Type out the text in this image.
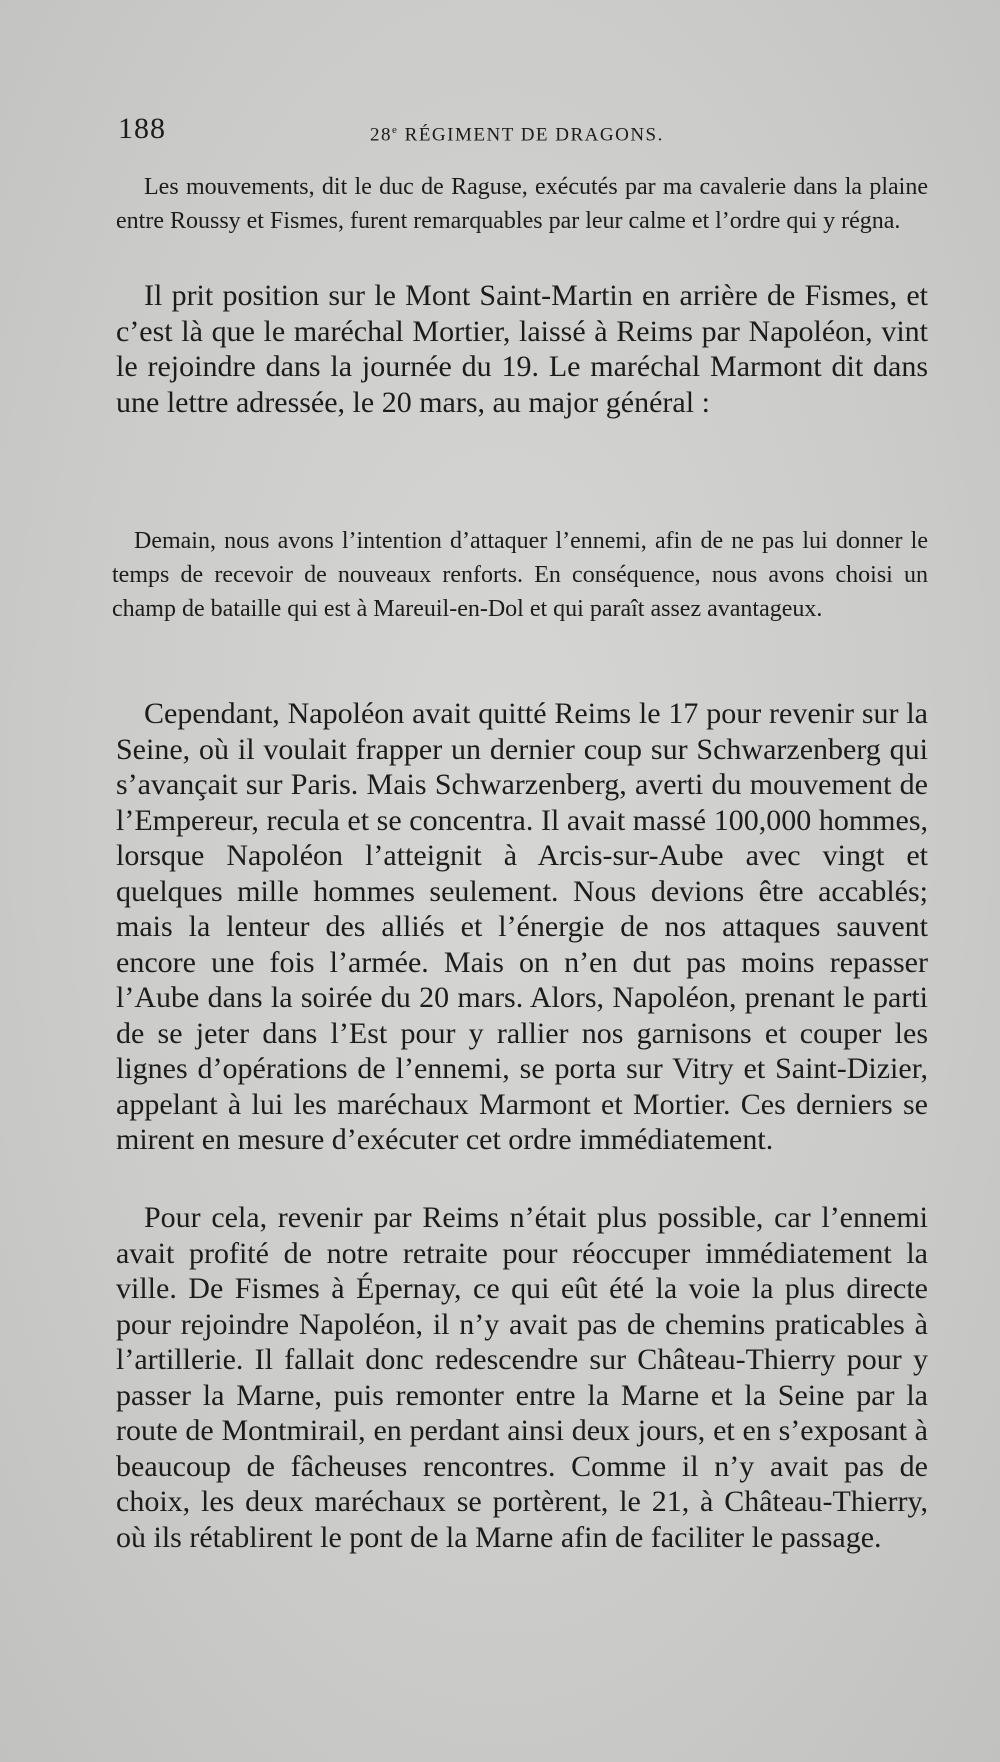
188	28e RÉGIMENT DE DRAGONS.

Les mouvements, dit le duc de Raguse, exécutés par ma cavalerie dans la plaine entre Roussy et Fismes, furent remarquables par leur calme et l’ordre qui y régna.

Il prit position sur le Mont Saint-Martin en arrière de Fismes, et c’est là que le maréchal Mortier, laissé à Reims par Napoléon, vint le rejoindre dans la journée du 19. Le maréchal Marmont dit dans une lettre adressée, le 20 mars, au major général :

Demain, nous avons l’intention d’attaquer l’ennemi, afin de ne pas lui donner le temps de recevoir de nouveaux renforts. En conséquence, nous avons choisi un champ de bataille qui est à Mareuil-en-Dol et qui paraît assez avantageux.

Cependant, Napoléon avait quitté Reims le 17 pour revenir sur la Seine, où il voulait frapper un dernier coup sur Schwarzenberg qui s’avançait sur Paris. Mais Schwarzenberg, averti du mouvement de l’Empereur, recula et se concentra. Il avait massé 100,000 hommes, lorsque Napoléon l’atteignit à Arcis-sur-Aube avec vingt et quelques mille hommes seulement. Nous devions être accablés; mais la lenteur des alliés et l’énergie de nos attaques sauvent encore une fois l’armée. Mais on n’en dut pas moins repasser l’Aube dans la soirée du 20 mars. Alors, Napoléon, prenant le parti de se jeter dans l’Est pour y rallier nos garnisons et couper les lignes d’opérations de l’ennemi, se porta sur Vitry et Saint-Dizier, appelant à lui les maréchaux Marmont et Mortier. Ces derniers se mirent en mesure d’exécuter cet ordre immédiatement.

Pour cela, revenir par Reims n’était plus possible, car l’ennemi avait profité de notre retraite pour réoccuper immédiatement la ville. De Fismes à Épernay, ce qui eût été la voie la plus directe pour rejoindre Napoléon, il n’y avait pas de chemins praticables à l’artillerie. Il fallait donc redescendre sur Château-Thierry pour y passer la Marne, puis remonter entre la Marne et la Seine par la route de Montmirail, en perdant ainsi deux jours, et en s’exposant à beaucoup de fâcheuses rencontres. Comme il n’y avait pas de choix, les deux maréchaux se portèrent, le 21, à Château-Thierry, où ils rétablirent le pont de la Marne afin de faciliter le passage.
